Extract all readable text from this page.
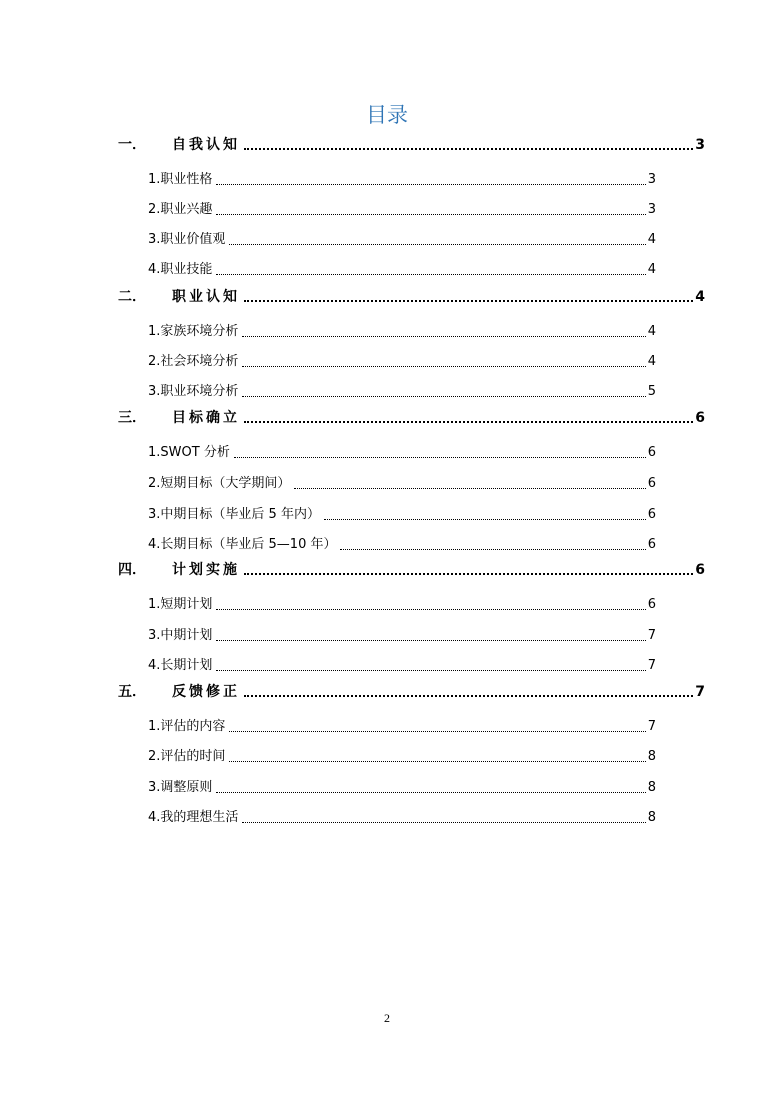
目录
一．	自我认知	3
1.职业性格	3
2.职业兴趣	3
3.职业价值观	4
4.职业技能	4
二．	职业认知	4
1.家族环境分析	4
2.社会环境分析	4
3.职业环境分析	5
三．	目标确立	6
1.SWOT 分析	6
2.短期目标（大学期间）	6
3.中期目标（毕业后 5 年内）	6
4.长期目标（毕业后 5—10 年）	6
四．	计划实施	6
1.短期计划	6
3.中期计划	7
4.长期计划	7
五．	反馈修正	7
1.评估的内容	7
2.评估的时间	8
3.调整原则	8
4.我的理想生活	8
2
